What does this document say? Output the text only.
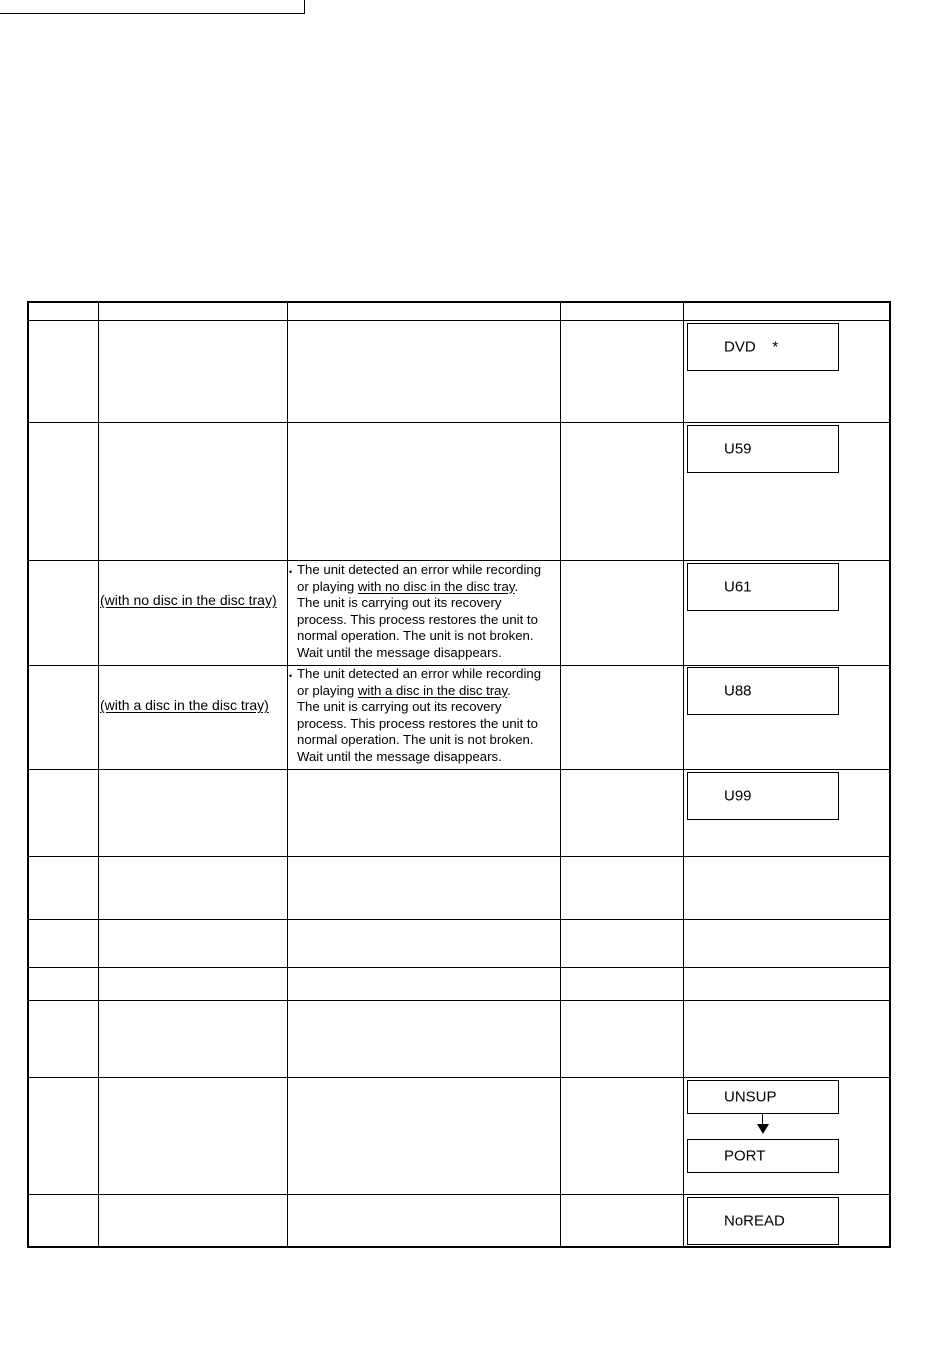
DVD    *
U59
(with no disc in the disc tray)
• The unit detected an error while recording
or playing with no disc in the disc tray.
The unit is carrying out its recovery
process. This process restores the unit to
normal operation. The unit is not broken.
Wait until the message disappears.
U61
(with a disc in the disc tray)
• The unit detected an error while recording
or playing with a disc in the disc tray.
The unit is carrying out its recovery
process. This process restores the unit to
normal operation. The unit is not broken.
Wait until the message disappears.
U88
U99
UNSUP
PORT
NoREAD
